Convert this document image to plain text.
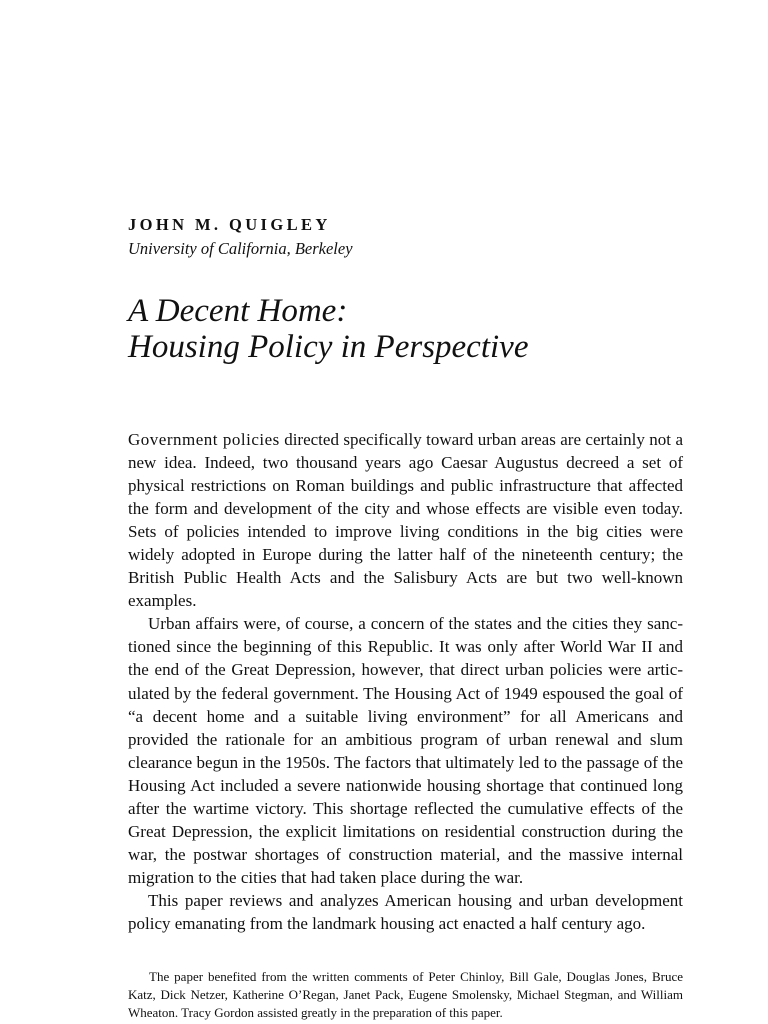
JOHN M. QUIGLEY
University of California, Berkeley
A Decent Home:
Housing Policy in Perspective

Government policies directed specifically toward urban areas are certainly not a new idea. Indeed, two thousand years ago Caesar Augustus decreed a set of physical restrictions on Roman buildings and public infrastructure that affected the form and development of the city and whose effects are visible even today. Sets of policies intended to improve living conditions in the big cities were widely adopted in Europe during the latter half of the nineteenth century; the British Public Health Acts and the Salisbury Acts are but two well-known examples.

Urban affairs were, of course, a concern of the states and the cities they sanctioned since the beginning of this Republic. It was only after World War II and the end of the Great Depression, however, that direct urban policies were articulated by the federal government. The Housing Act of 1949 espoused the goal of “a decent home and a suitable living environment” for all Americans and provided the rationale for an ambitious program of urban renewal and slum clearance begun in the 1950s. The factors that ultimately led to the passage of the Housing Act included a severe nationwide housing shortage that continued long after the wartime victory. This shortage reflected the cumulative effects of the Great Depression, the explicit limitations on residential construction during the war, the postwar shortages of construction material, and the massive internal migration to the cities that had taken place during the war.

This paper reviews and analyzes American housing and urban development policy emanating from the landmark housing act enacted a half century ago.

The paper benefited from the written comments of Peter Chinloy, Bill Gale, Douglas Jones, Bruce Katz, Dick Netzer, Katherine O’Regan, Janet Pack, Eugene Smolensky, Michael Stegman, and William Wheaton. Tracy Gordon assisted greatly in the preparation of this paper.
